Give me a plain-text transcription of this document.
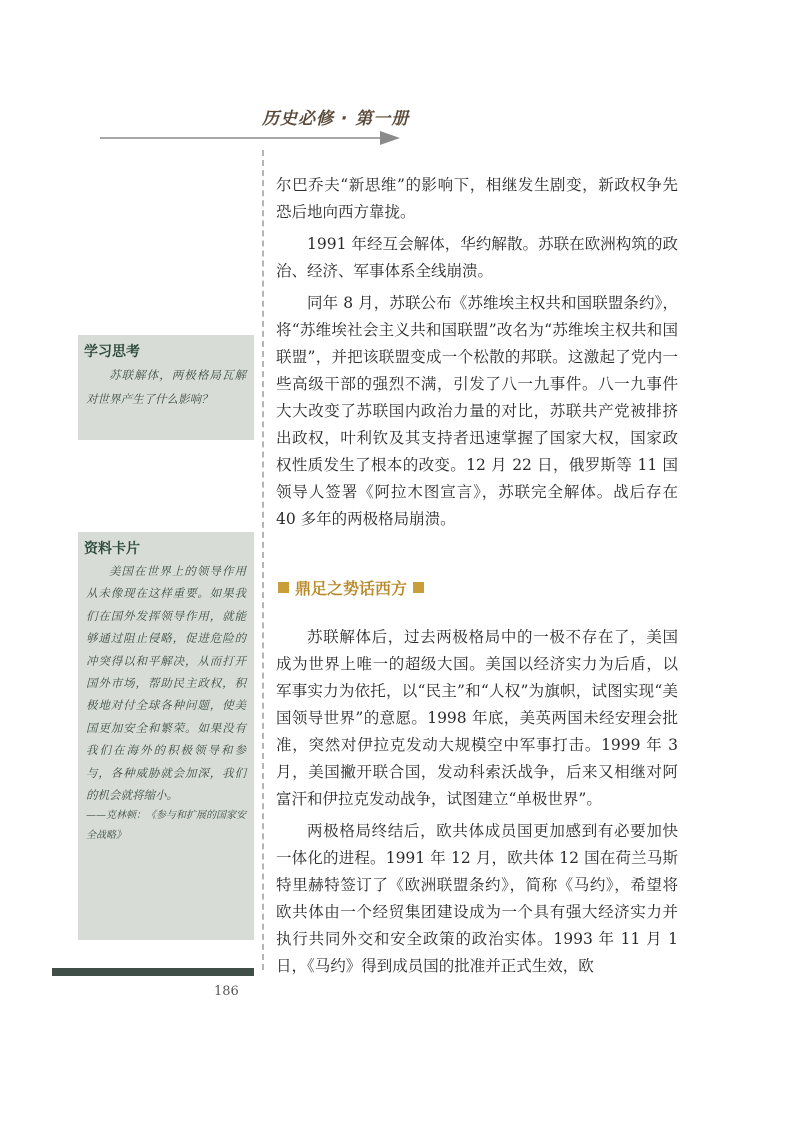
历史必修 · 第一册
学习思考
苏联解体，两极格局瓦解对世界产生了什么影响？
资料卡片
美国在世界上的领导作用从未像现在这样重要。如果我们在国外发挥领导作用，就能够通过阻止侵略，促进危险的冲突得以和平解决，从而打开国外市场，帮助民主政权，积极地对付全球各种问题，使美国更加安全和繁荣。如果没有我们在海外的积极领导和参与，各种威胁就会加深，我们的机会就将缩小。
——克林顿：《参与和扩展的国家安全战略》

尔巴乔夫“新思维”的影响下，相继发生剧变，新政权争先恐后地向西方靠拢。

1991 年经互会解体，华约解散。苏联在欧洲构筑的政治、经济、军事体系全线崩溃。

同年 8 月，苏联公布《苏维埃主权共和国联盟条约》，将“苏维埃社会主义共和国联盟”改名为“苏维埃主权共和国联盟”，并把该联盟变成一个松散的邦联。这激起了党内一些高级干部的强烈不满，引发了八一九事件。八一九事件大大改变了苏联国内政治力量的对比，苏联共产党被排挤出政权，叶利钦及其支持者迅速掌握了国家大权，国家政权性质发生了根本的改变。12 月 22 日，俄罗斯等 11 国领导人签署《阿拉木图宣言》，苏联完全解体。战后存在 40 多年的两极格局崩溃。

鼎足之势话西方

苏联解体后，过去两极格局中的一极不存在了，美国成为世界上唯一的超级大国。美国以经济实力为后盾，以军事实力为依托，以“民主”和“人权”为旗帜，试图实现“美国领导世界”的意愿。1998 年底，美英两国未经安理会批准，突然对伊拉克发动大规模空中军事打击。1999 年 3 月，美国撇开联合国，发动科索沃战争，后来又相继对阿富汗和伊拉克发动战争，试图建立“单极世界”。

两极格局终结后，欧共体成员国更加感到有必要加快一体化的进程。1991 年 12 月，欧共体 12 国在荷兰马斯特里赫特签订了《欧洲联盟条约》，简称《马约》，希望将欧共体由一个经贸集团建设成为一个具有强大经济实力并执行共同外交和安全政策的政治实体。1993 年 11 月 1 日，《马约》得到成员国的批准并正式生效，欧

186
